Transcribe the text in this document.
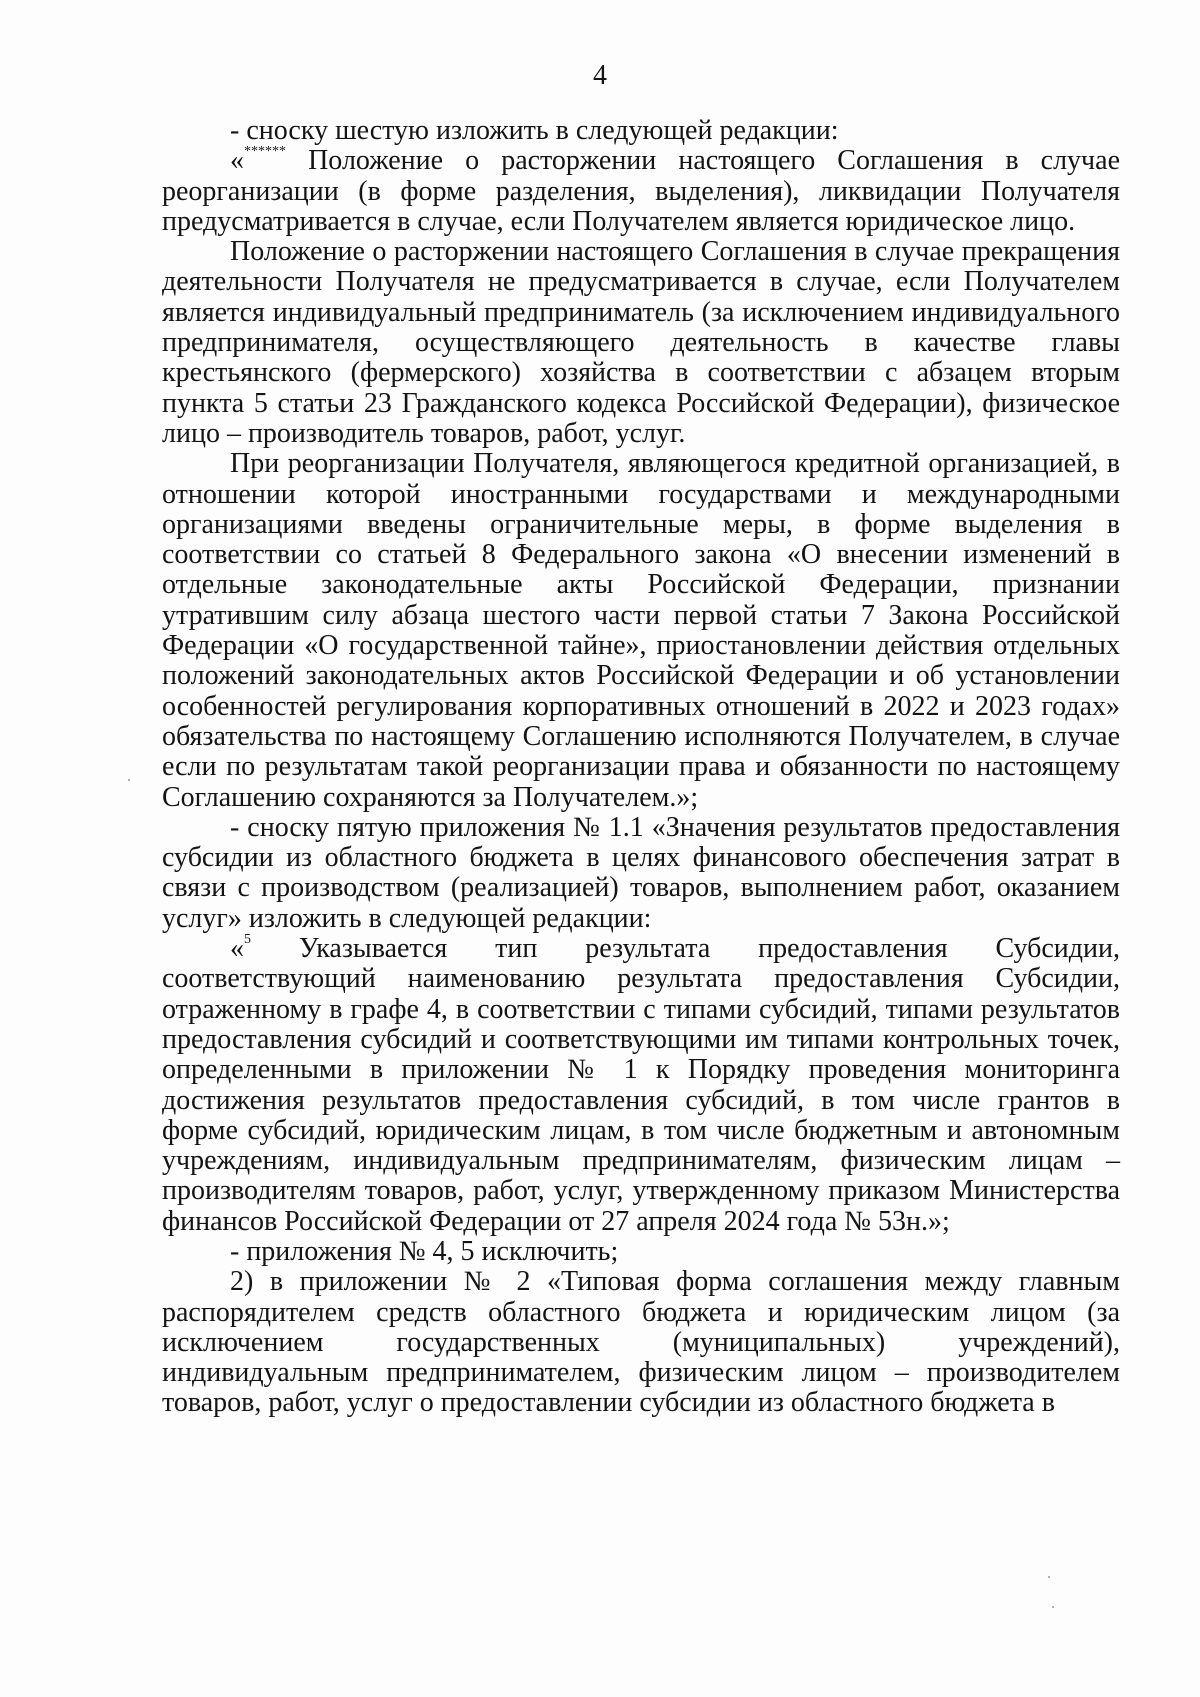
4

- сноску шестую изложить в следующей редакции:

«****** Положение о расторжении настоящего Соглашения в случае реорганизации (в форме разделения, выделения), ликвидации Получателя предусматривается в случае, если Получателем является юридическое лицо.

Положение о расторжении настоящего Соглашения в случае прекращения деятельности Получателя не предусматривается в случае, если Получателем является индивидуальный предприниматель (за исключением индивидуального предпринимателя, осуществляющего деятельность в качестве главы крестьянского (фермерского) хозяйства в соответствии с абзацем вторым пункта 5 статьи 23 Гражданского кодекса Российской Федерации), физическое лицо – производитель товаров, работ, услуг.

При реорганизации Получателя, являющегося кредитной организацией, в отношении которой иностранными государствами и международными организациями введены ограничительные меры, в форме выделения в соответствии со статьей 8 Федерального закона «О внесении изменений в отдельные законодательные акты Российской Федерации, признании утратившим силу абзаца шестого части первой статьи 7 Закона Российской Федерации «О государственной тайне», приостановлении действия отдельных положений законодательных актов Российской Федерации и об установлении особенностей регулирования корпоративных отношений в 2022 и 2023 годах» обязательства по настоящему Соглашению исполняются Получателем, в случае если по результатам такой реорганизации права и обязанности по настоящему Соглашению сохраняются за Получателем.»;

- сноску пятую приложения № 1.1 «Значения результатов предоставления субсидии из областного бюджета в целях финансового обеспечения затрат в связи с производством (реализацией) товаров, выполнением работ, оказанием услуг» изложить в следующей редакции:

«$^5$ Указывается тип результата предоставления Субсидии, соответствующий наименованию результата предоставления Субсидии, отраженному в графе 4, в соответствии с типами субсидий, типами результатов предоставления субсидий и соответствующими им типами контрольных точек, определенными в приложении № 1 к Порядку проведения мониторинга достижения результатов предоставления субсидий, в том числе грантов в форме субсидий, юридическим лицам, в том числе бюджетным и автономным учреждениям, индивидуальным предпринимателям, физическим лицам – производителям товаров, работ, услуг, утвержденному приказом Министерства финансов Российской Федерации от 27 апреля 2024 года № 53н.»;

- приложения № 4, 5 исключить;

2) в приложении № 2 «Типовая форма соглашения между главным распорядителем средств областного бюджета и юридическим лицом (за исключением государственных (муниципальных) учреждений), индивидуальным предпринимателем, физическим лицом – производителем товаров, работ, услуг о предоставлении субсидии из областного бюджета в
